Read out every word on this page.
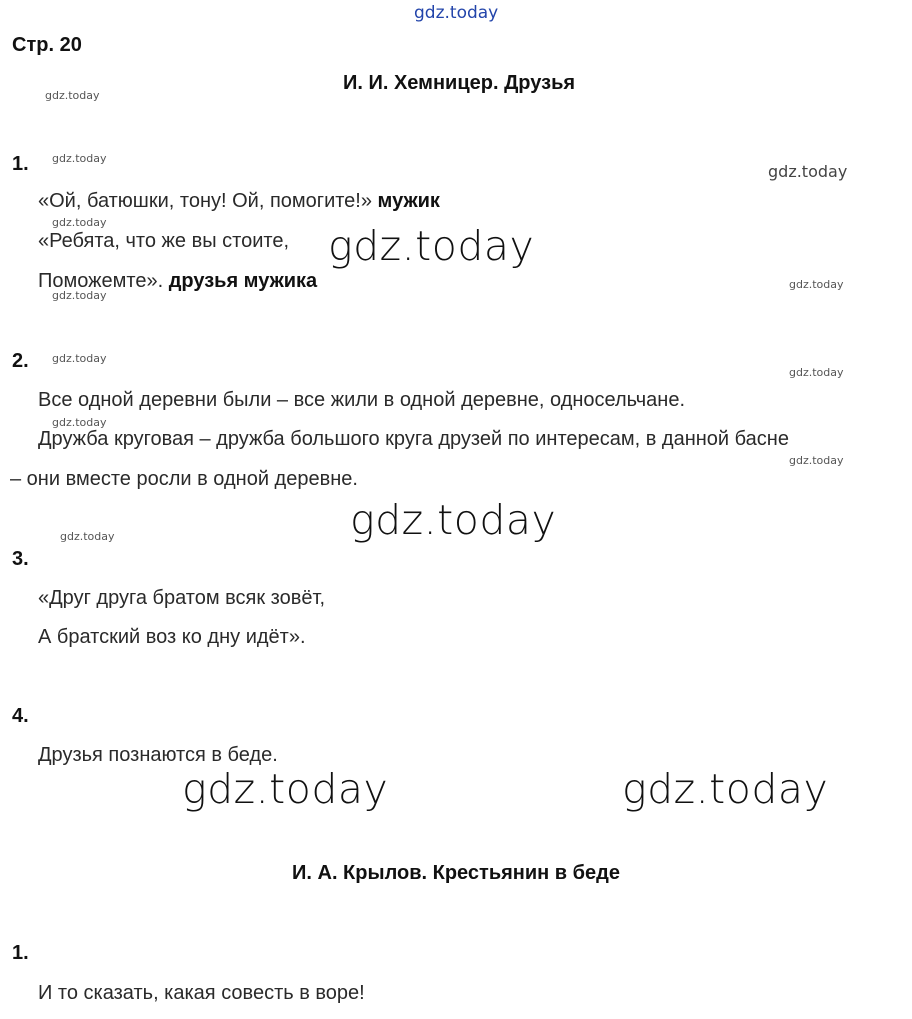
gdz.today
Стр. 20
И. И. Хемницер. Друзья
gdz.today
1. gdz.today
gdz.today
«Ой, батюшки, тону! Ой, помогите!» мужик
gdz.today
«Ребята, что же вы стоите, gdz.today
Поможемте». друзья мужика
gdz.today
gdz.today
2. gdz.today
gdz.today
Все одной деревни были – все жили в одной деревне, односельчане.
gdz.today
Дружба круговая – дружба большого круга друзей по интересам, в данной басне
gdz.today
– они вместе росли в одной деревне.
gdz.today
gdz.today
3.
«Друг друга братом всяк зовёт,
А братский воз ко дну идёт».
4.
Друзья познаются в беде.
gdz.today	gdz.today
И. А. Крылов. Крестьянин в беде
1.
И то сказать, какая совесть в воре!
